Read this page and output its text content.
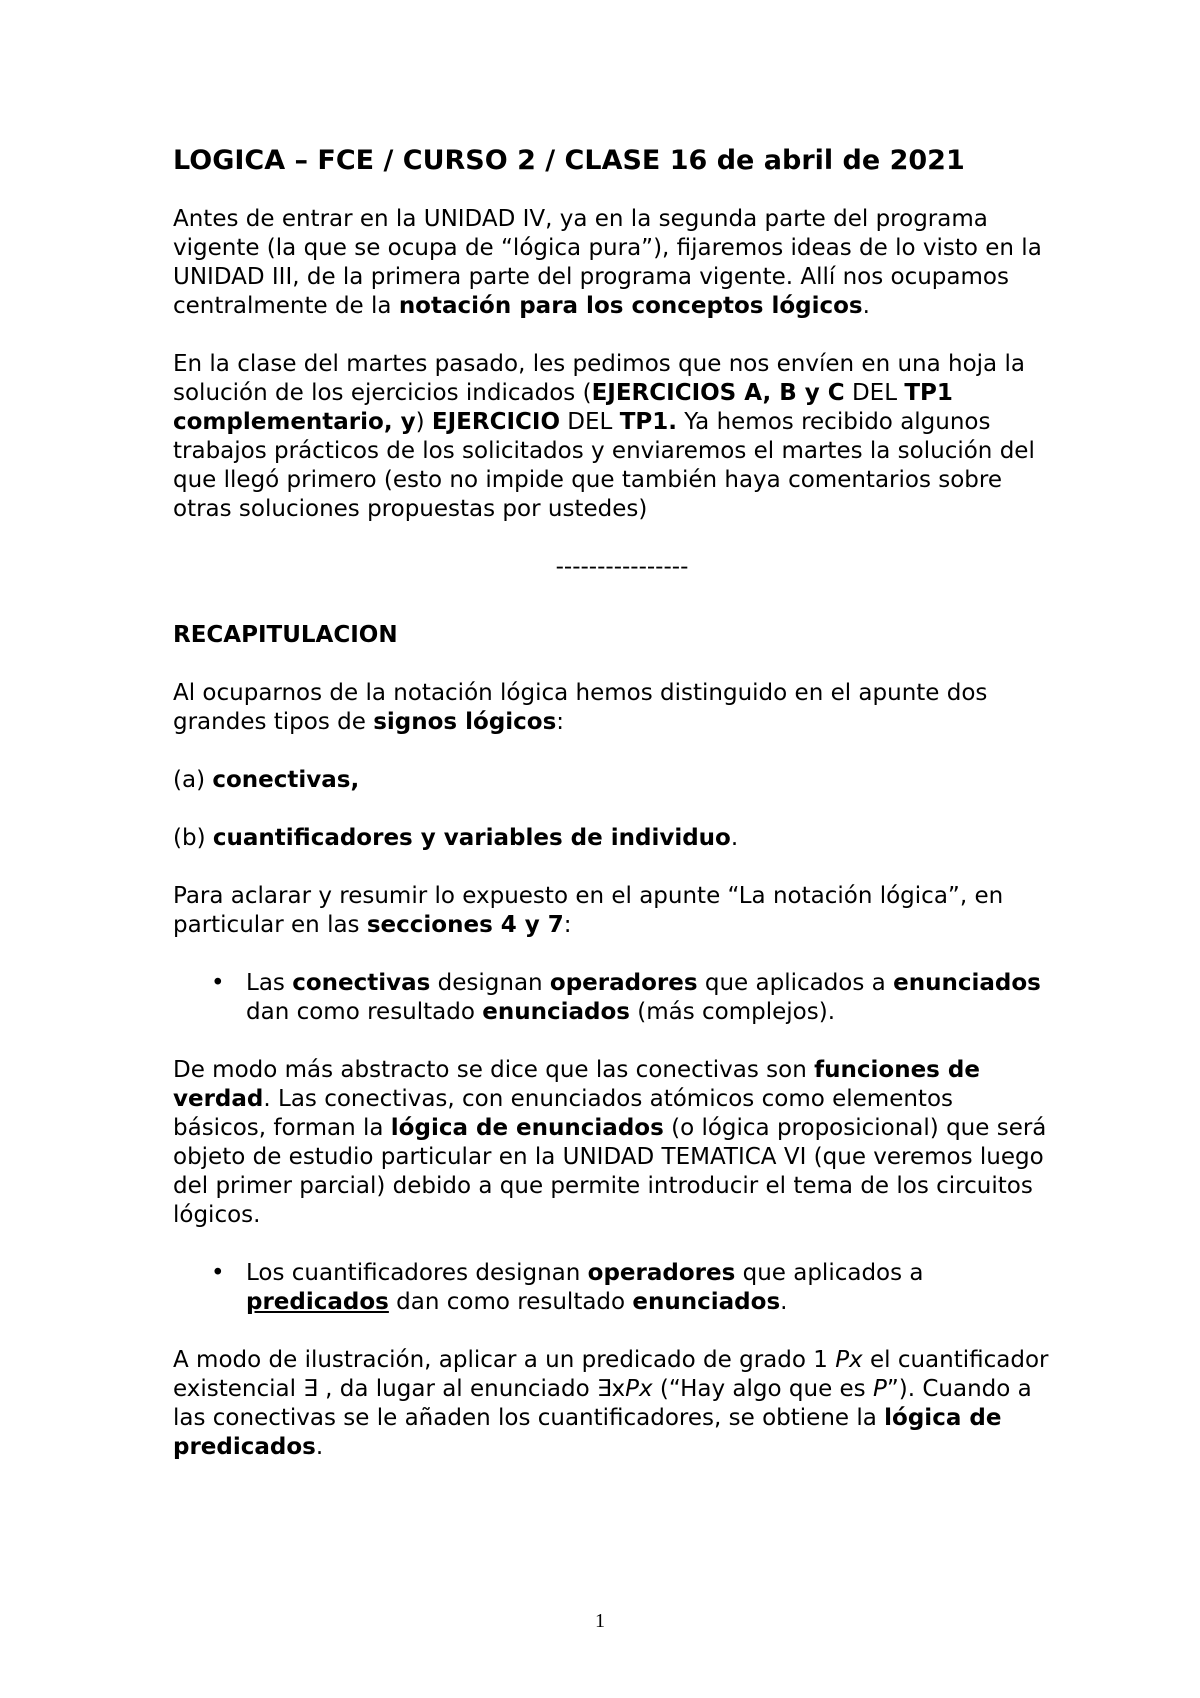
LOGICA – FCE / CURSO 2 / CLASE 16 de abril de 2021

Antes de entrar en la UNIDAD IV, ya en la segunda parte del programa vigente (la que se ocupa de “lógica pura”), fijaremos ideas de lo visto en la UNIDAD III, de la primera parte del programa vigente. Allí nos ocupamos centralmente de la notación para los conceptos lógicos.

En la clase del martes pasado, les pedimos que nos envíen en una hoja la solución de los ejercicios indicados (EJERCICIOS A, B y C DEL TP1 complementario, y) EJERCICIO DEL TP1. Ya hemos recibido algunos trabajos prácticos de los solicitados y enviaremos el martes la solución del que llegó primero (esto no impide que también haya comentarios sobre otras soluciones propuestas por ustedes)

----------------
RECAPITULACION

Al ocuparnos de la notación lógica hemos distinguido en el apunte dos grandes tipos de signos lógicos:

(a) conectivas,

(b) cuantificadores y variables de individuo.

Para aclarar y resumir lo expuesto en el apunte “La notación lógica”, en particular en las secciones 4 y 7:

• Las conectivas designan operadores que aplicados a enunciados dan como resultado enunciados (más complejos).

De modo más abstracto se dice que las conectivas son funciones de verdad. Las conectivas, con enunciados atómicos como elementos básicos, forman la lógica de enunciados (o lógica proposicional) que será objeto de estudio particular en la UNIDAD TEMATICA VI (que veremos luego del primer parcial) debido a que permite introducir el tema de los circuitos lógicos.

• Los cuantificadores designan operadores que aplicados a predicados dan como resultado enunciados.

A modo de ilustración, aplicar a un predicado de grado 1 Px el cuantificador existencial ∃ , da lugar al enunciado ∃xPx (“Hay algo que es P”). Cuando a las conectivas se le añaden los cuantificadores, se obtiene la lógica de predicados.

1
